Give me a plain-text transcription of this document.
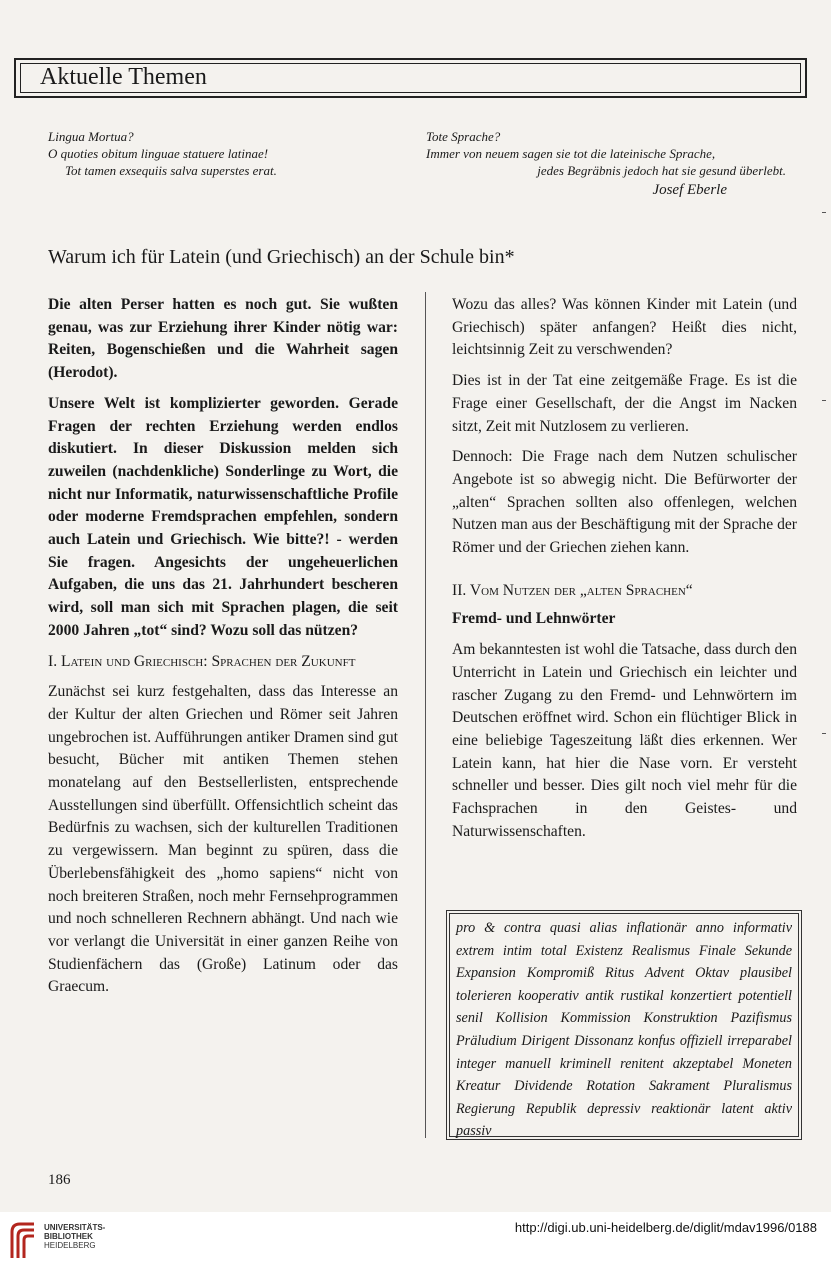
Aktuelle Themen
Lingua Mortua?
O quoties obitum linguae statuere latinae!
Tot tamen exsequiis salva superstes erat.
Tote Sprache?
Immer von neuem sagen sie tot die lateinische Sprache,
jedes Begräbnis jedoch hat sie gesund überlebt.
Josef Eberle
Warum ich für Latein (und Griechisch) an der Schule bin*

Die alten Perser hatten es noch gut. Sie wußten genau, was zur Erziehung ihrer Kinder nötig war: Reiten, Bogenschießen und die Wahrheit sagen (Herodot).

Unsere Welt ist komplizierter geworden. Gerade Fragen der rechten Erziehung werden endlos diskutiert. In dieser Diskussion melden sich zuweilen (nachdenkliche) Sonderlinge zu Wort, die nicht nur Informatik, naturwissenschaftliche Profile oder moderne Fremdsprachen empfehlen, sondern auch Latein und Griechisch. Wie bitte?! - werden Sie fragen. Angesichts der ungeheuerlichen Aufgaben, die uns das 21. Jahrhundert bescheren wird, soll man sich mit Sprachen plagen, die seit 2000 Jahren „tot“ sind? Wozu soll das nützen?

I. Latein und Griechisch: Sprachen der Zukunft

Zunächst sei kurz festgehalten, dass das Interesse an der Kultur der alten Griechen und Römer seit Jahren ungebrochen ist. Aufführungen antiker Dramen sind gut besucht, Bücher mit antiken Themen stehen monatelang auf den Bestsellerlisten, entsprechende Ausstellungen sind überfüllt. Offensichtlich scheint das Bedürfnis zu wachsen, sich der kulturellen Traditionen zu vergewissern. Man beginnt zu spüren, dass die Überlebensfähigkeit des „homo sapiens“ nicht von noch breiteren Straßen, noch mehr Fernsehprogrammen und noch schnelleren Rechnern abhängt. Und nach wie vor verlangt die Universität in einer ganzen Reihe von Studienfächern das (Große) Latinum oder das Graecum.

Wozu das alles? Was können Kinder mit Latein (und Griechisch) später anfangen? Heißt dies nicht, leichtsinnig Zeit zu verschwenden?

Dies ist in der Tat eine zeitgemäße Frage. Es ist die Frage einer Gesellschaft, der die Angst im Nacken sitzt, Zeit mit Nutzlosem zu verlieren.

Dennoch: Die Frage nach dem Nutzen schulischer Angebote ist so abwegig nicht. Die Befürworter der „alten“ Sprachen sollten also offenlegen, welchen Nutzen man aus der Beschäftigung mit der Sprache der Römer und der Griechen ziehen kann.

II. Vom Nutzen der „alten Sprachen“

Fremd- und Lehnwörter

Am bekanntesten ist wohl die Tatsache, dass durch den Unterricht in Latein und Griechisch ein leichter und rascher Zugang zu den Fremd- und Lehnwörtern im Deutschen eröffnet wird. Schon ein flüchtiger Blick in eine beliebige Tageszeitung läßt dies erkennen. Wer Latein kann, hat hier die Nase vorn. Er versteht schneller und besser. Dies gilt noch viel mehr für die Fachsprachen in den Geistes- und Naturwissenschaften.

pro & contra quasi alias inflationär anno informativ extrem intim total Existenz Realismus Finale Sekunde Expansion Kompromiß Ritus Advent Oktav plausibel tolerieren kooperativ antik rustikal konzertiert potentiell senil Kollision Kommission Konstruktion Pazifismus Präludium Dirigent Dissonanz konfus offiziell irreparabel integer manuell kriminell renitent akzeptabel Moneten Kreatur Dividende Rotation Sakrament Pluralismus Regierung Republik depressiv reaktionär latent aktiv passiv
186
UNIVERSITÄTS-
BIBLIOTHEK
HEIDELBERG
http://digi.ub.uni-heidelberg.de/diglit/mdav1996/0188
